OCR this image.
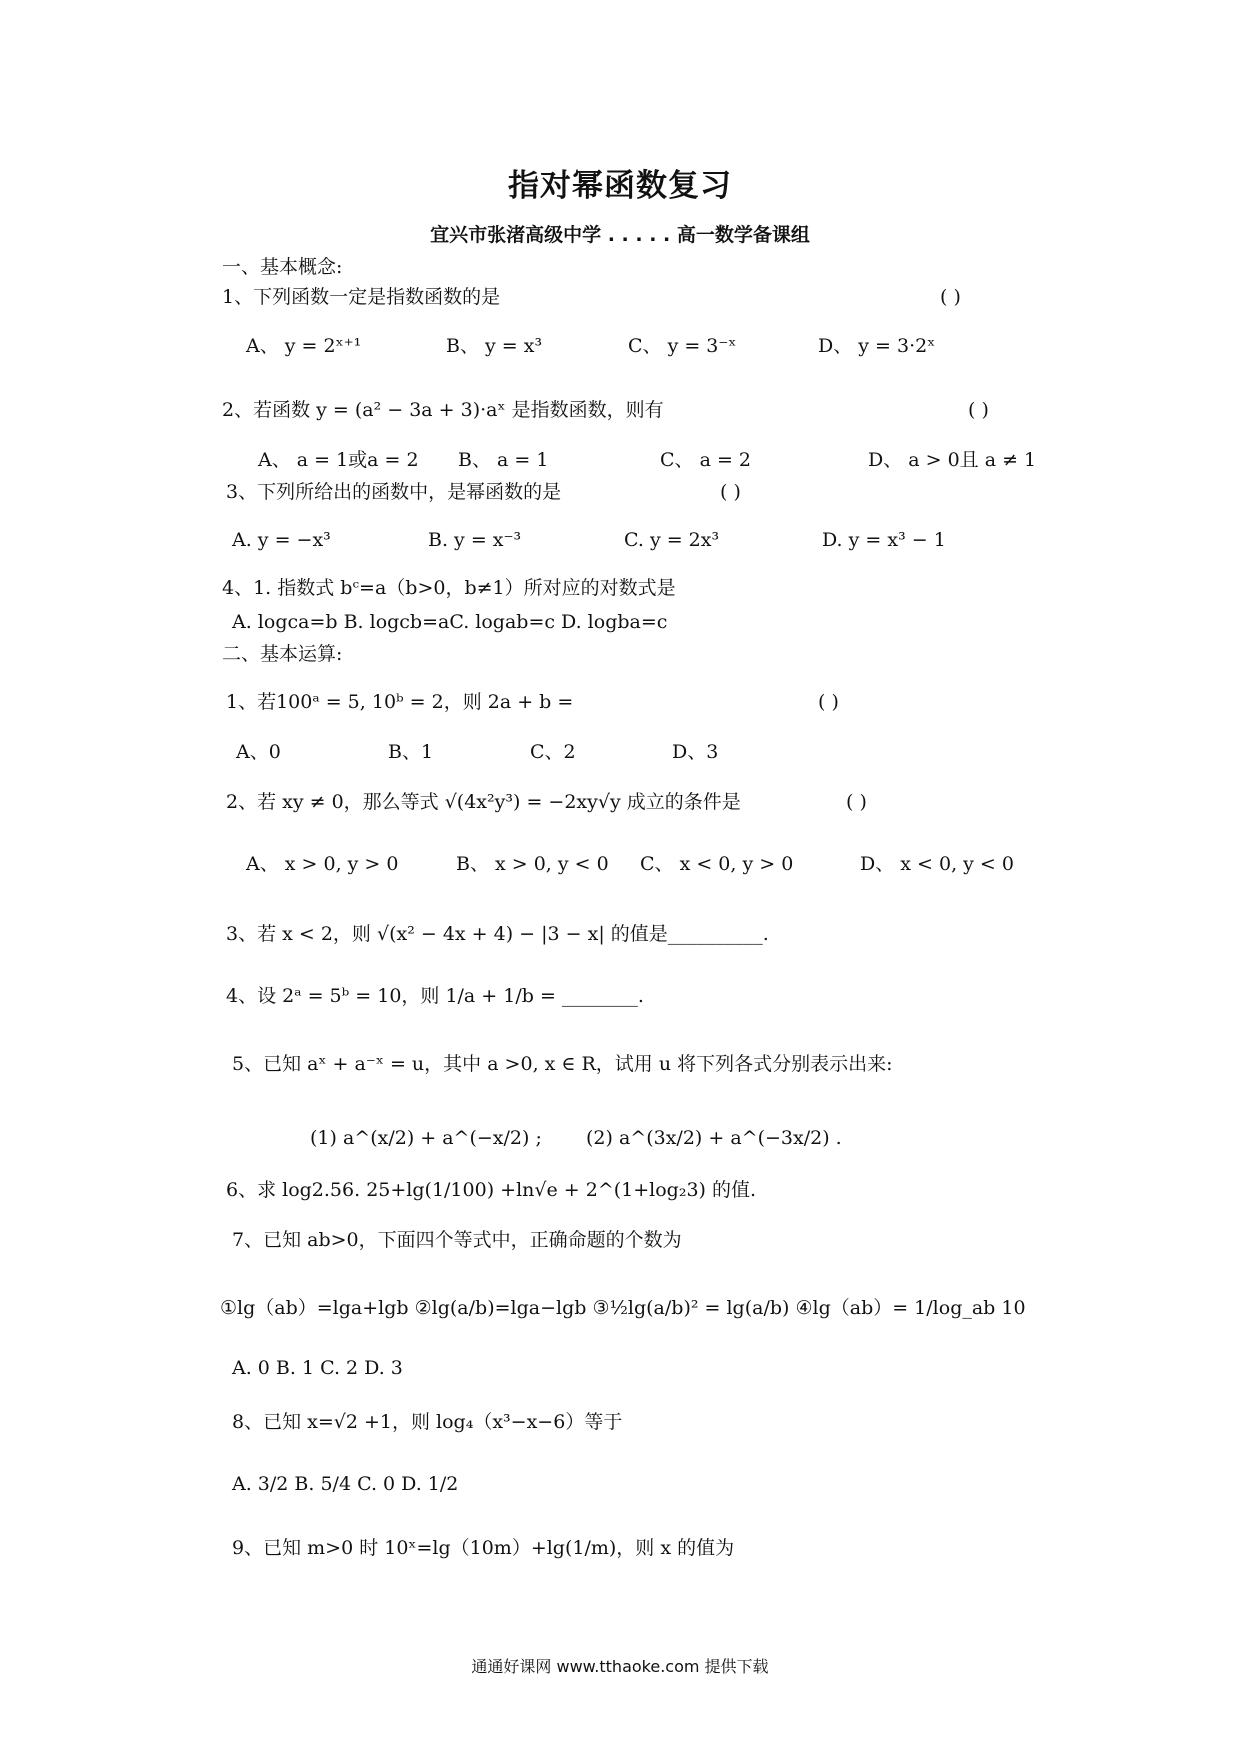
指对幂函数复习
宜兴市张渚高级中学 . . . . . 高一数学备课组
一、基本概念:
1、下列函数一定是指数函数的是	( )
A、 y = 2ˣ⁺¹	B、 y = x³	C、 y = 3⁻ˣ	D、 y = 3·2ˣ
2、若函数 y = (a² − 3a + 3)·aˣ 是指数函数，则有	( )
A、 a = 1或a = 2 B、 a = 1	C、 a = 2	D、 a > 0且 a ≠ 1
3、下列所给出的函数中，是幂函数的是	( )
A. y = −x³	B. y = x⁻³	C. y = 2x³	D. y = x³ − 1
4、1. 指数式 bᶜ=a（b>0，b≠1）所对应的对数式是
A. logca=b B. logcb=aC. logab=c D. logba=c
二、基本运算:
1、若100ᵃ = 5, 10ᵇ = 2，则 2a + b =	( )
A、0	B、1	C、2	D、3
2、若 xy ≠ 0，那么等式 √(4x²y³) = −2xy√y 成立的条件是	( )
A、 x > 0, y > 0	B、 x > 0, y < 0 C、 x < 0, y > 0	D、 x < 0, y < 0
3、若 x < 2，则 √(x² − 4x + 4) − |3 − x| 的值是__________.
4、设 2ᵃ = 5ᵇ = 10，则 1/a + 1/b = ________.
5、已知 aˣ + a⁻ˣ = u，其中 a >0, x ∈ R，试用 u 将下列各式分别表示出来:
(1) a^(x/2) + a^(−x/2) ; (2) a^(3x/2) + a^(−3x/2) .
6、求 log2.56. 25+lg(1/100) +ln√e + 2^(1+log₂3) 的值.
7、已知 ab>0，下面四个等式中，正确命题的个数为
①lg（ab）=lga+lgb ②lg(a/b)=lga−lgb ③½lg(a/b)² = lg(a/b) ④lg（ab）= 1/log_ab 10
A. 0 B. 1 C. 2 D. 3
8、已知 x=√2 +1，则 log₄（x³−x−6）等于
A. 3/2 B. 5/4 C. 0 D. 1/2
9、已知 m>0 时 10ˣ=lg（10m）+lg(1/m)，则 x 的值为
通通好课网 www.tthaoke.com 提供下载
